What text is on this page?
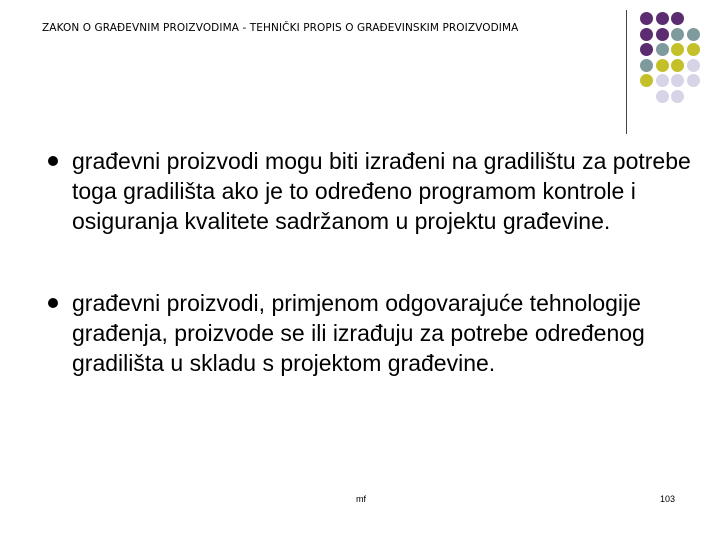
ZAKON O GRAĐEVNIM PROIZVODIMA - TEHNIČKI PROPIS O GRAĐEVINSKIM PROIZVODIMA
građevni proizvodi mogu biti izrađeni na gradilištu za potrebe toga gradilišta ako je to određeno programom kontrole i osiguranja kvalitete sadržanom u projektu građevine.
građevni proizvodi, primjenom odgovarajuće tehnologije građenja, proizvode se ili izrađuju za potrebe određenog gradilišta u skladu s projektom građevine.
mf	103
